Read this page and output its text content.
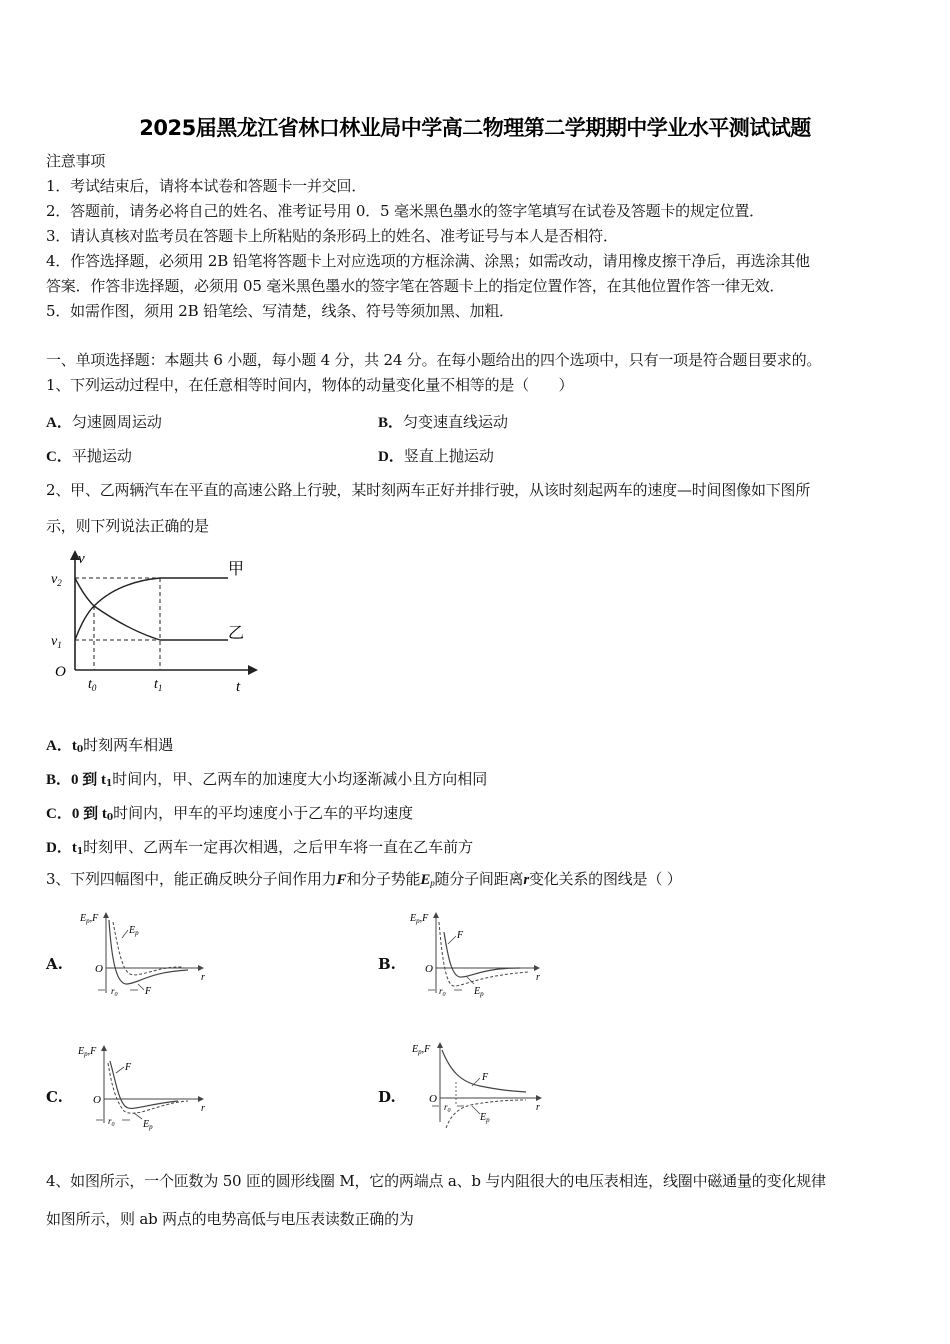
2025届黑龙江省林口林业局中学高二物理第二学期期中学业水平测试试题
注意事项
1．考试结束后，请将本试卷和答题卡一并交回．
2．答题前，请务必将自己的姓名、准考证号用 0．5 毫米黑色墨水的签字笔填写在试卷及答题卡的规定位置．
3．请认真核对监考员在答题卡上所粘贴的条形码上的姓名、准考证号与本人是否相符．
4．作答选择题，必须用 2B 铅笔将答题卡上对应选项的方框涂满、涂黑；如需改动，请用橡皮擦干净后，再选涂其他
答案．作答非选择题，必须用 05 毫米黑色墨水的签字笔在答题卡上的指定位置作答，在其他位置作答一律无效．
5．如需作图，须用 2B 铅笔绘、写清楚，线条、符号等须加黑、加粗．
一、单项选择题：本题共 6 小题，每小题 4 分，共 24 分。在每小题给出的四个选项中，只有一项是符合题目要求的。
1、下列运动过程中，在任意相等时间内，物体的动量变化量不相等的是（　　）
A．匀速圆周运动	B．匀变速直线运动
C．平抛运动	D．竖直上抛运动
2、甲、乙两辆汽车在平直的高速公路上行驶，某时刻两车正好并排行驶，从该时刻起两车的速度—时间图像如下图所
示，则下列说法正确的是
v
$v_2$
$v_1$
O
$t_0$	$t_1$	t
甲
乙
A．$t_0$时刻两车相遇
B．0 到 $t_1$时间内，甲、乙两车的加速度大小均逐渐减小且方向相同
C．0 到 $t_0$时间内，甲车的平均速度小于乙车的平均速度
D．$t_1$时刻甲、乙两车一定再次相遇，之后甲车将一直在乙车前方
3、下列四幅图中，能正确反映分子间作用力F和分子势能$E_p$随分子间距离r变化关系的图线是（ ）
A.	B.
C.	D.
$E_p,F$
$E_p$
F
O
r
$r_0$
$E_p,F$
F
$E_p$
O
r
$r_0$
$E_p,F$
F
$E_p$
O
r
$r_0$
$E_p,F$
F
$E_p$
O
r
$r_0$
4、如图所示，一个匝数为 50 匝的圆形线圈 M，它的两端点 a、b 与内阻很大的电压表相连，线圈中磁通量的变化规律
如图所示，则 ab 两点的电势高低与电压表读数正确的为
